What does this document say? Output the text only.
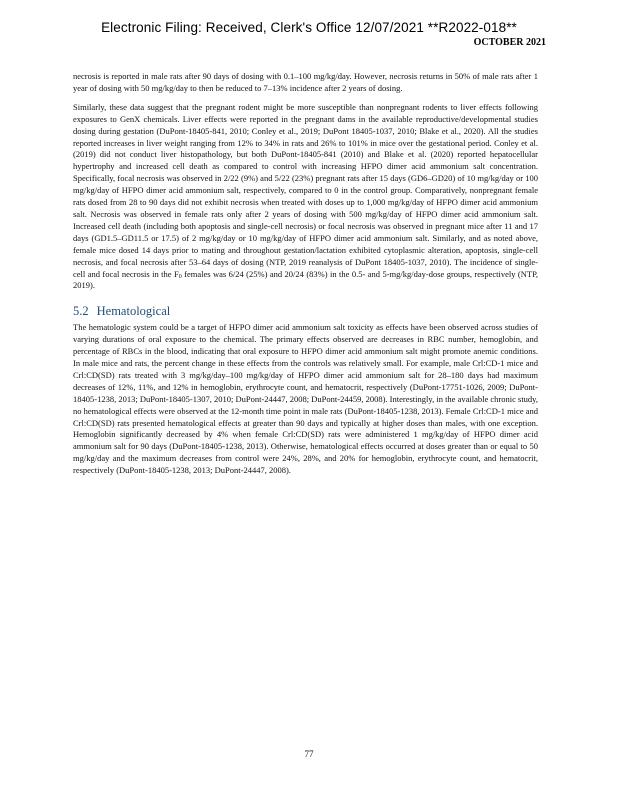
Electronic Filing: Received, Clerk's Office 12/07/2021 **R2022-018**
OCTOBER 2021

necrosis is reported in male rats after 90 days of dosing with 0.1–100 mg/kg/day. However, necrosis returns in 50% of male rats after 1 year of dosing with 50 mg/kg/day to then be reduced to 7–13% incidence after 2 years of dosing.

Similarly, these data suggest that the pregnant rodent might be more susceptible than nonpregnant rodents to liver effects following exposures to GenX chemicals. Liver effects were reported in the pregnant dams in the available reproductive/developmental studies dosing during gestation (DuPont-18405-841, 2010; Conley et al., 2019; DuPont 18405-1037, 2010; Blake et al., 2020). All the studies reported increases in liver weight ranging from 12% to 34% in rats and 26% to 101% in mice over the gestational period. Conley et al. (2019) did not conduct liver histopathology, but both DuPont-18405-841 (2010) and Blake et al. (2020) reported hepatocellular hypertrophy and increased cell death as compared to control with increasing HFPO dimer acid ammonium salt concentration. Specifically, focal necrosis was observed in 2/22 (9%) and 5/22 (23%) pregnant rats after 15 days (GD6–GD20) of 10 mg/kg/day or 100 mg/kg/day of HFPO dimer acid ammonium salt, respectively, compared to 0 in the control group. Comparatively, nonpregnant female rats dosed from 28 to 90 days did not exhibit necrosis when treated with doses up to 1,000 mg/kg/day of HFPO dimer acid ammonium salt. Necrosis was observed in female rats only after 2 years of dosing with 500 mg/kg/day of HFPO dimer acid ammonium salt. Increased cell death (including both apoptosis and single-cell necrosis) or focal necrosis was observed in pregnant mice after 11 and 17 days (GD1.5–GD11.5 or 17.5) of 2 mg/kg/day or 10 mg/kg/day of HFPO dimer acid ammonium salt. Similarly, and as noted above, female mice dosed 14 days prior to mating and throughout gestation/lactation exhibited cytoplasmic alteration, apoptosis, single-cell necrosis, and focal necrosis after 53–64 days of dosing (NTP, 2019 reanalysis of DuPont 18405-1037, 2010). The incidence of single-cell and focal necrosis in the $F_0$ females was 6/24 (25%) and 20/24 (83%) in the 0.5- and 5-mg/kg/day-dose groups, respectively (NTP, 2019).

5.2 Hematological

The hematologic system could be a target of HFPO dimer acid ammonium salt toxicity as effects have been observed across studies of varying durations of oral exposure to the chemical. The primary effects observed are decreases in RBC number, hemoglobin, and percentage of RBCs in the blood, indicating that oral exposure to HFPO dimer acid ammonium salt might promote anemic conditions. In male mice and rats, the percent change in these effects from the controls was relatively small. For example, male Crl:CD-1 mice and Crl:CD(SD) rats treated with 3 mg/kg/day–100 mg/kg/day of HFPO dimer acid ammonium salt for 28–180 days had maximum decreases of 12%, 11%, and 12% in hemoglobin, erythrocyte count, and hematocrit, respectively (DuPont-17751-1026, 2009; DuPont-18405-1238, 2013; DuPont-18405-1307, 2010; DuPont-24447, 2008; DuPont-24459, 2008). Interestingly, in the available chronic study, no hematological effects were observed at the 12-month time point in male rats (DuPont-18405-1238, 2013). Female Crl:CD-1 mice and Crl:CD(SD) rats presented hematological effects at greater than 90 days and typically at higher doses than males, with one exception. Hemoglobin significantly decreased by 4% when female Crl:CD(SD) rats were administered 1 mg/kg/day of HFPO dimer acid ammonium salt for 90 days (DuPont-18405-1238, 2013). Otherwise, hematological effects occurred at doses greater than or equal to 50 mg/kg/day and the maximum decreases from control were 24%, 28%, and 20% for hemoglobin, erythrocyte count, and hematocrit, respectively (DuPont-18405-1238, 2013; DuPont-24447, 2008).

77
